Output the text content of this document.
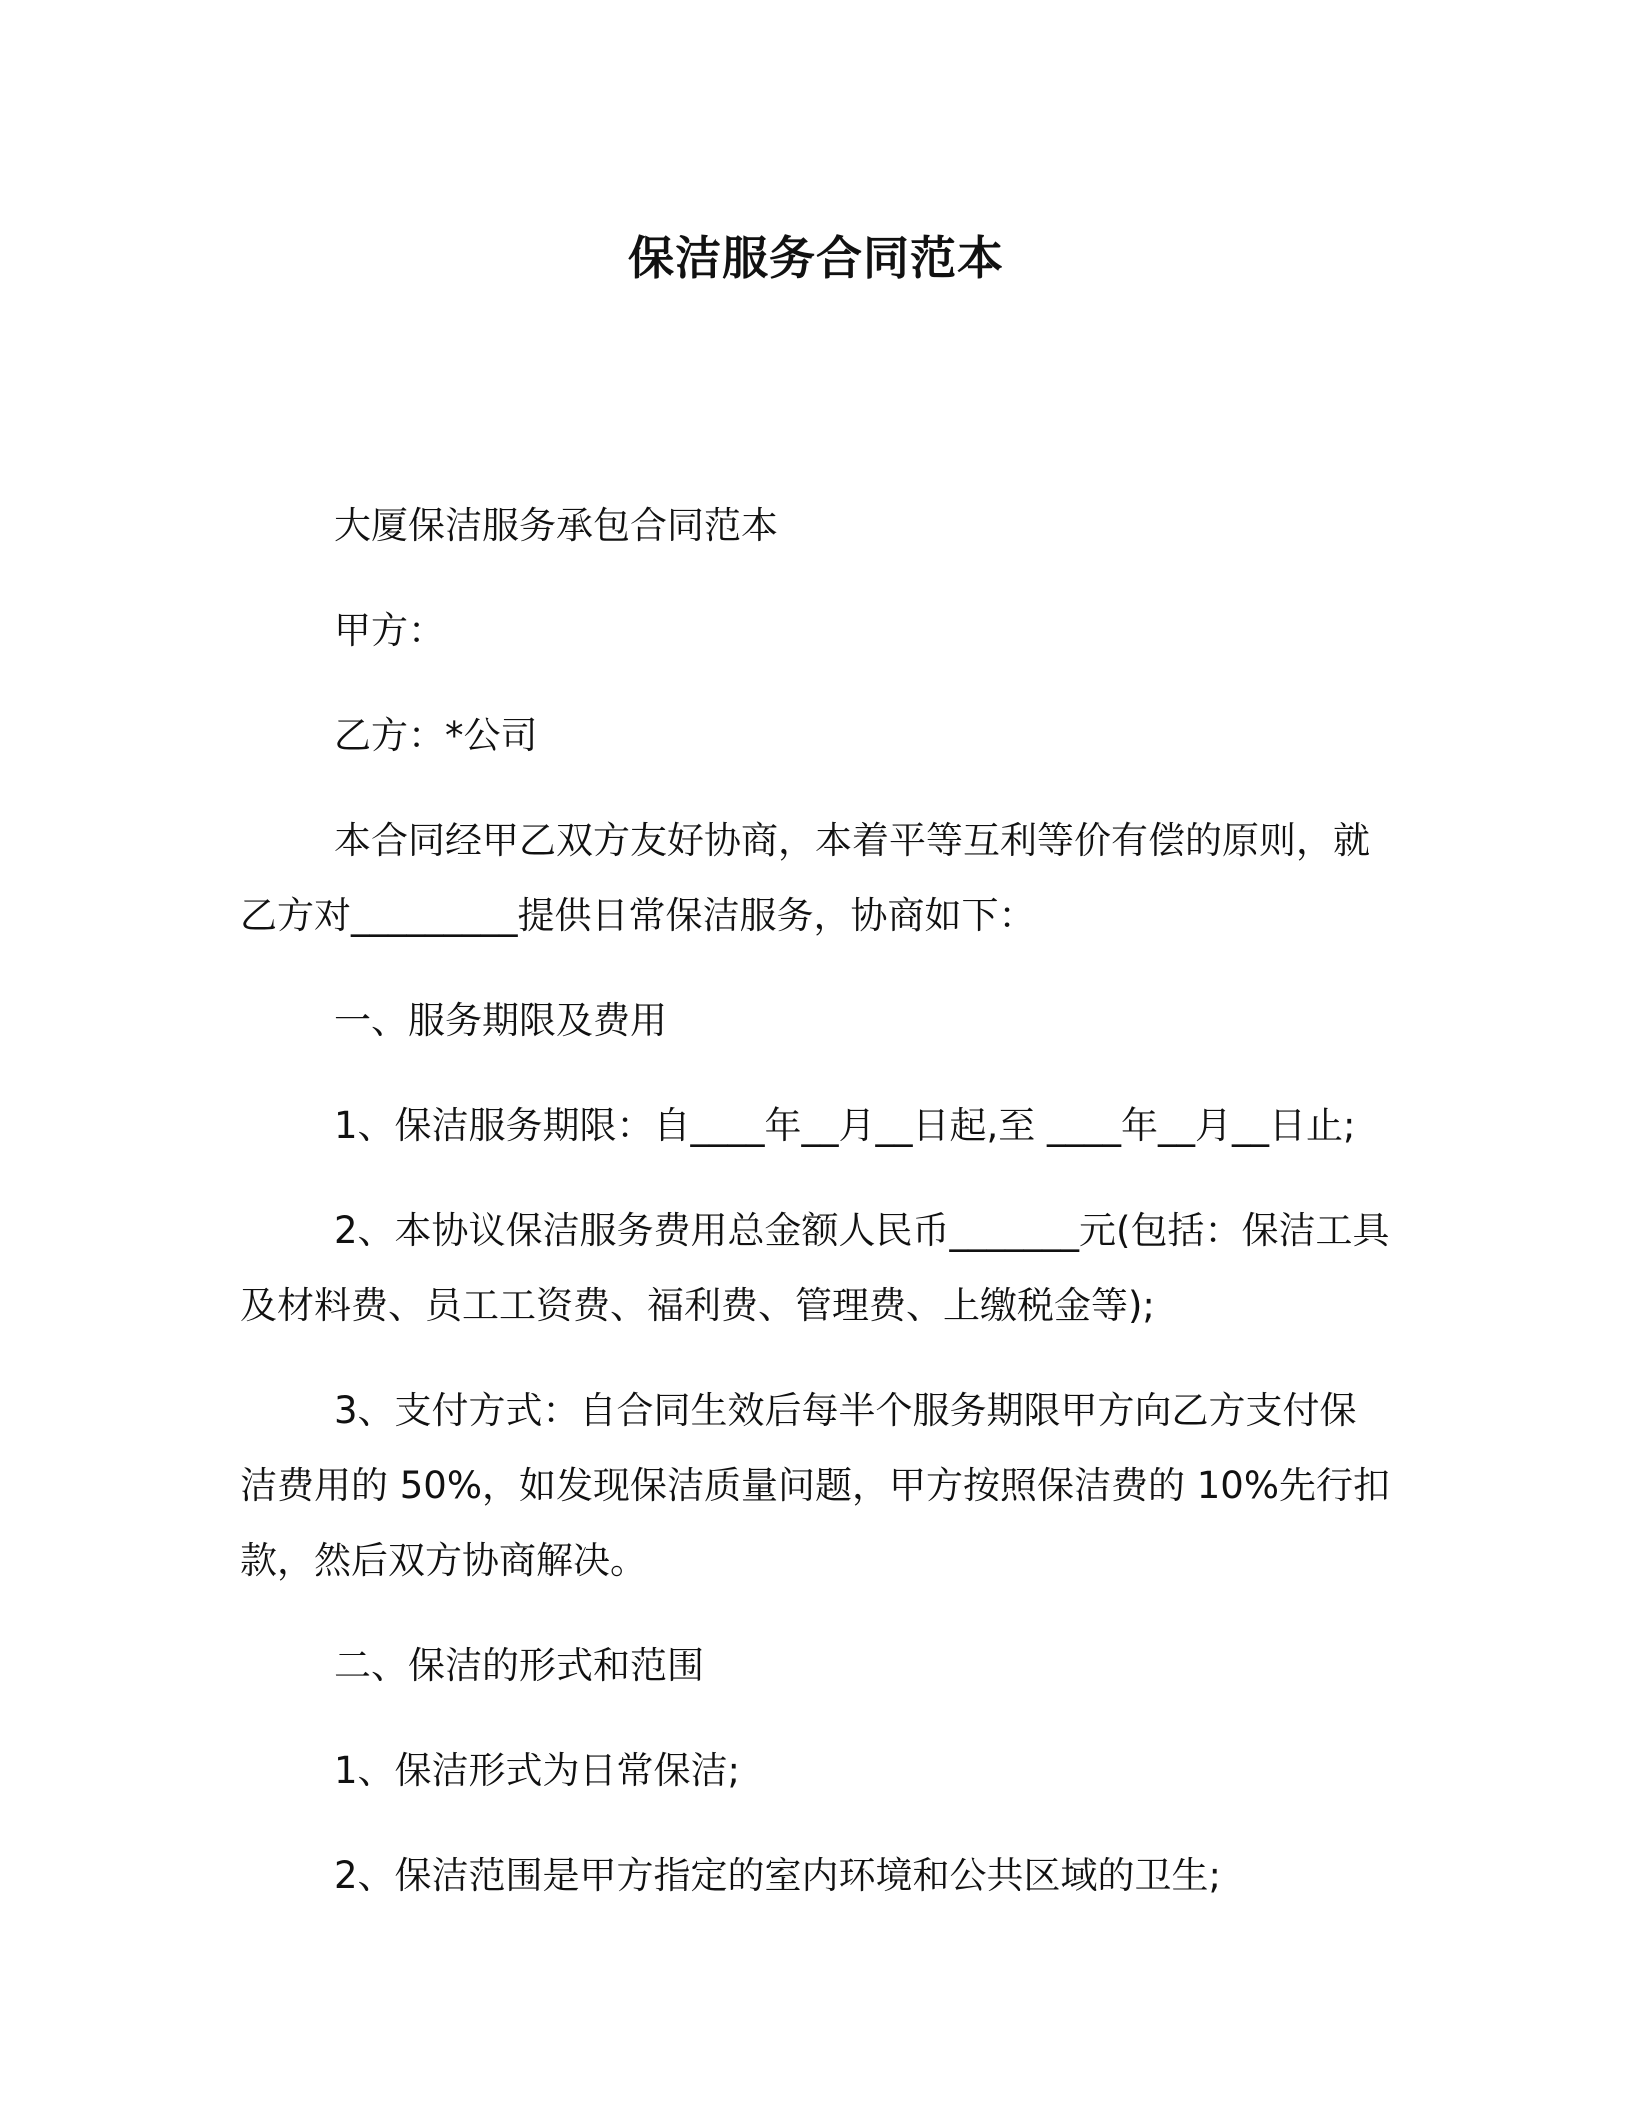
保洁服务合同范本

大厦保洁服务承包合同范本

甲方：

乙方：*公司

本合同经甲乙双方友好协商，本着平等互利等价有偿的原则，就乙方对_________提供日常保洁服务，协商如下：

一、服务期限及费用

1、保洁服务期限：自____年__月__日起,至 ____年__月__日止;

2、本协议保洁服务费用总金额人民币_______元(包括：保洁工具及材料费、员工工资费、福利费、管理费、上缴税金等);

3、支付方式：自合同生效后每半个服务期限甲方向乙方支付保洁费用的 50%，如发现保洁质量问题，甲方按照保洁费的 10%先行扣款，然后双方协商解决。

二、保洁的形式和范围

1、保洁形式为日常保洁;

2、保洁范围是甲方指定的室内环境和公共区域的卫生;
